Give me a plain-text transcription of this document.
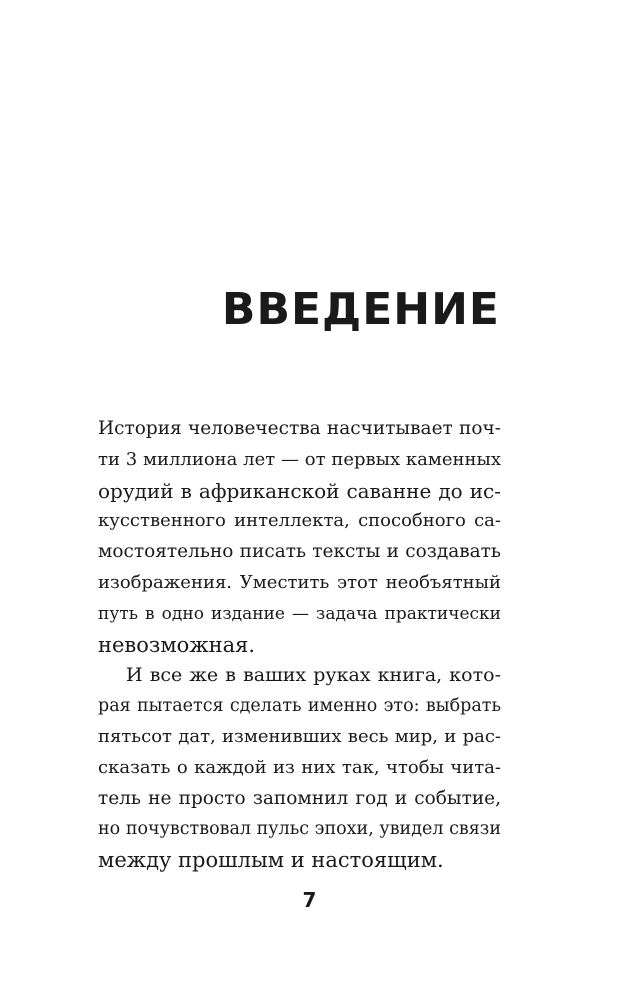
ВВЕДЕНИЕ

История человечества насчитывает поч-
ти 3 миллиона лет — от первых каменных
орудий в африканской саванне до ис-
кусственного интеллекта, способного са-
мостоятельно писать тексты и создавать
изображения. Уместить этот необъятный
путь в одно издание — задача практически
невозможная.

И все же в ваших руках книга, кото-
рая пытается сделать именно это: выбрать
пятьсот дат, изменивших весь мир, и рас-
сказать о каждой из них так, чтобы чита-
тель не просто запомнил год и событие,
но почувствовал пульс эпохи, увидел связи
между прошлым и настоящим.

7
